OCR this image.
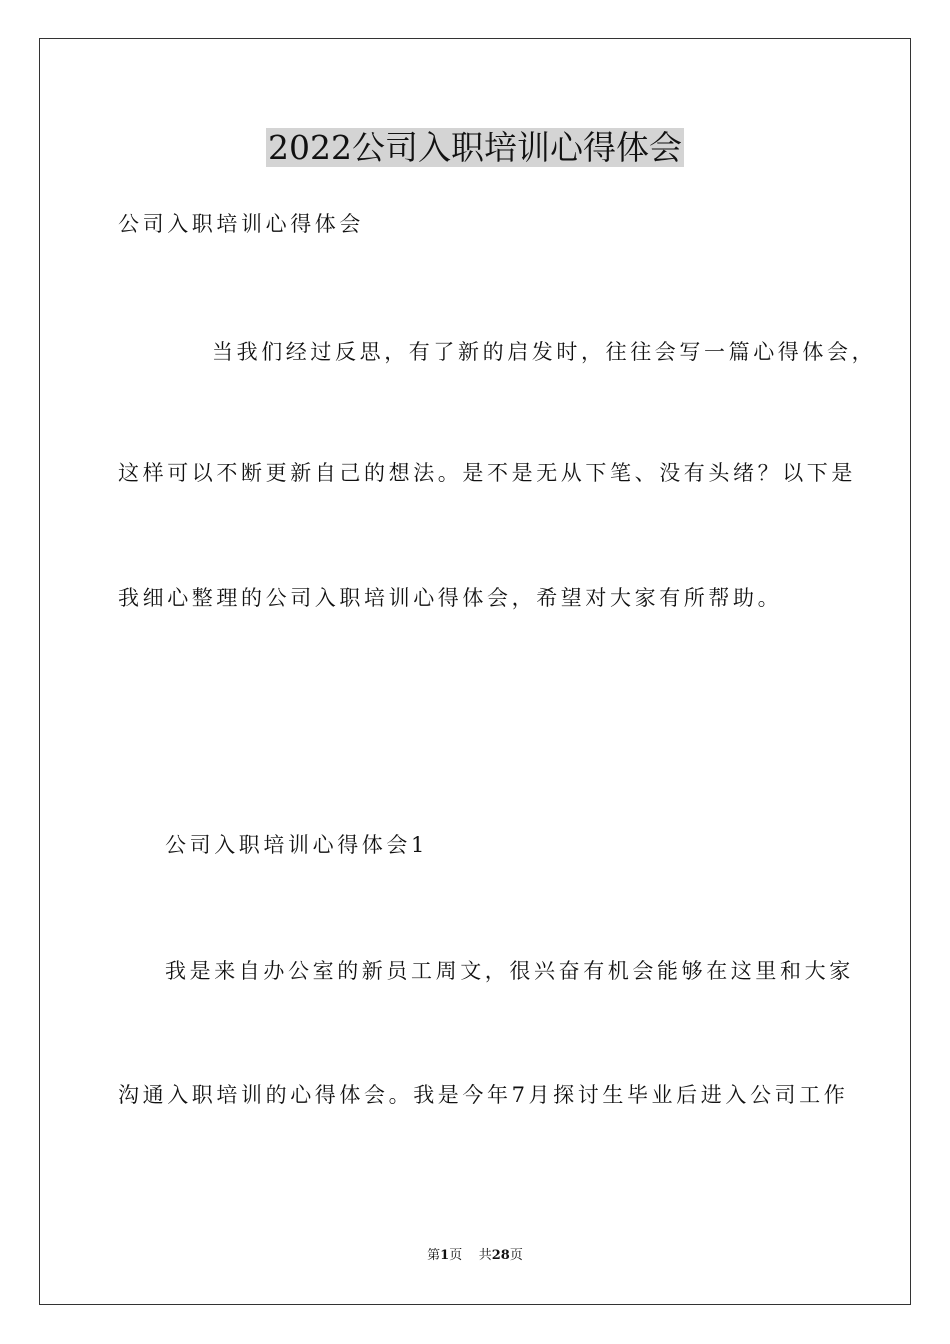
2022公司入职培训心得体会

公司入职培训心得体会

当我们经过反思，有了新的启发时，往往会写一篇心得体会，

这样可以不断更新自己的想法。是不是无从下笔、没有头绪？以下是

我细心整理的公司入职培训心得体会，希望对大家有所帮助。

公司入职培训心得体会1

我是来自办公室的新员工周文，很兴奋有机会能够在这里和大家

沟通入职培训的心得体会。我是今年7月探讨生毕业后进入公司工作

第1页 共28页
